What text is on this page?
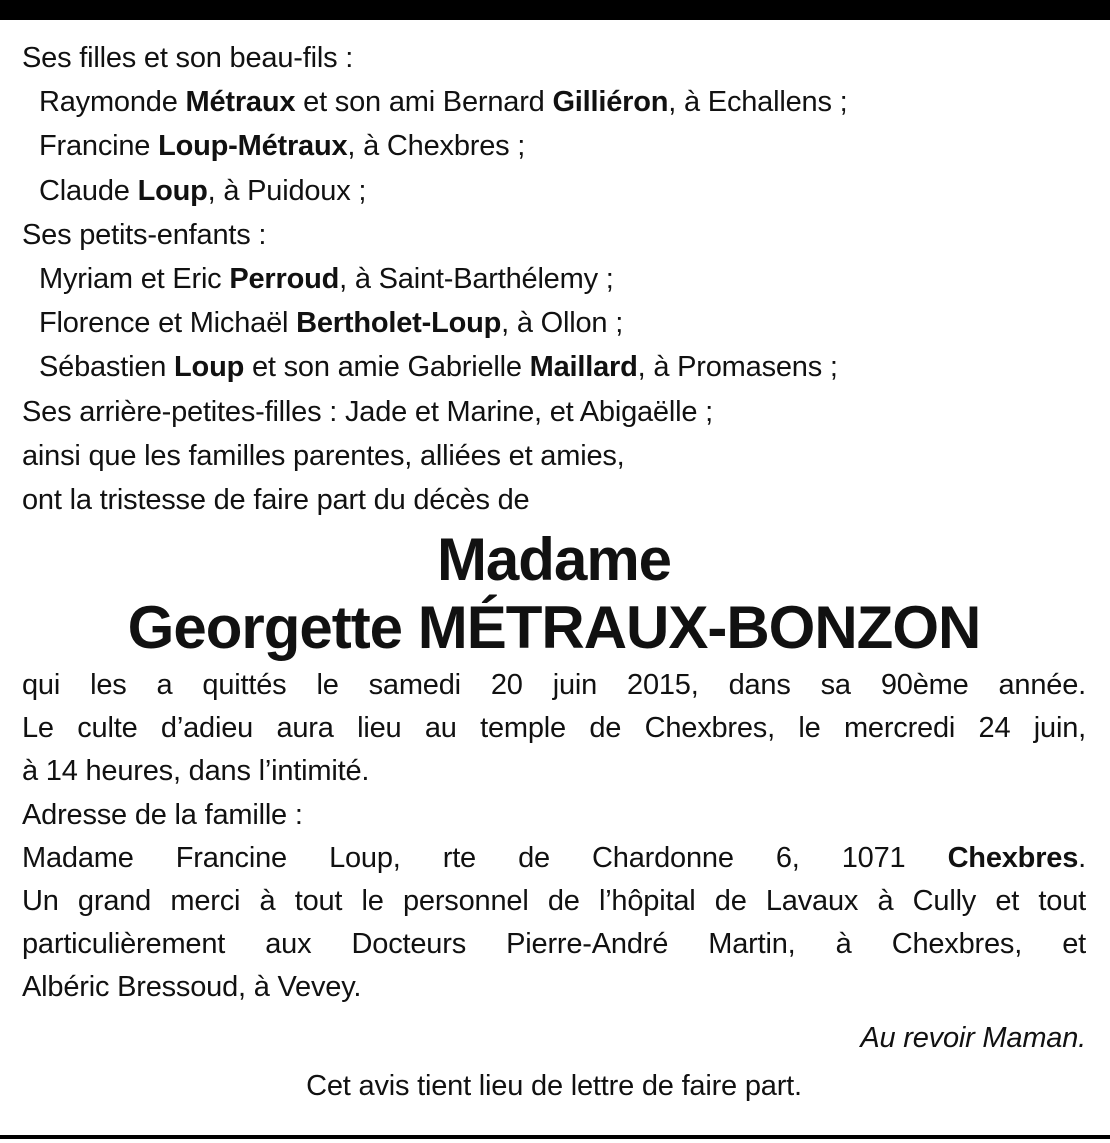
Ses filles et son beau-fils :
Raymonde Métraux et son ami Bernard Gilliéron, à Echallens ;
Francine Loup-Métraux, à Chexbres ;
Claude Loup, à Puidoux ;
Ses petits-enfants :
Myriam et Eric Perroud, à Saint-Barthélemy ;
Florence et Michaël Bertholet-Loup, à Ollon ;
Sébastien Loup et son amie Gabrielle Maillard, à Promasens ;
Ses arrière-petites-filles : Jade et Marine, et Abigaëlle ;
ainsi que les familles parentes, alliées et amies,
ont la tristesse de faire part du décès de
Madame
Georgette MÉTRAUX-BONZON
qui les a quittés le samedi 20 juin 2015, dans sa 90ème année.
Le culte d’adieu aura lieu au temple de Chexbres, le mercredi 24 juin,
à 14 heures, dans l’intimité.
Adresse de la famille :
Madame Francine Loup, rte de Chardonne 6, 1071 Chexbres.
Un grand merci à tout le personnel de l’hôpital de Lavaux à Cully et tout
particulièrement aux Docteurs Pierre-André Martin, à Chexbres, et
Albéric Bressoud, à Vevey.
Au revoir Maman.
Cet avis tient lieu de lettre de faire part.
